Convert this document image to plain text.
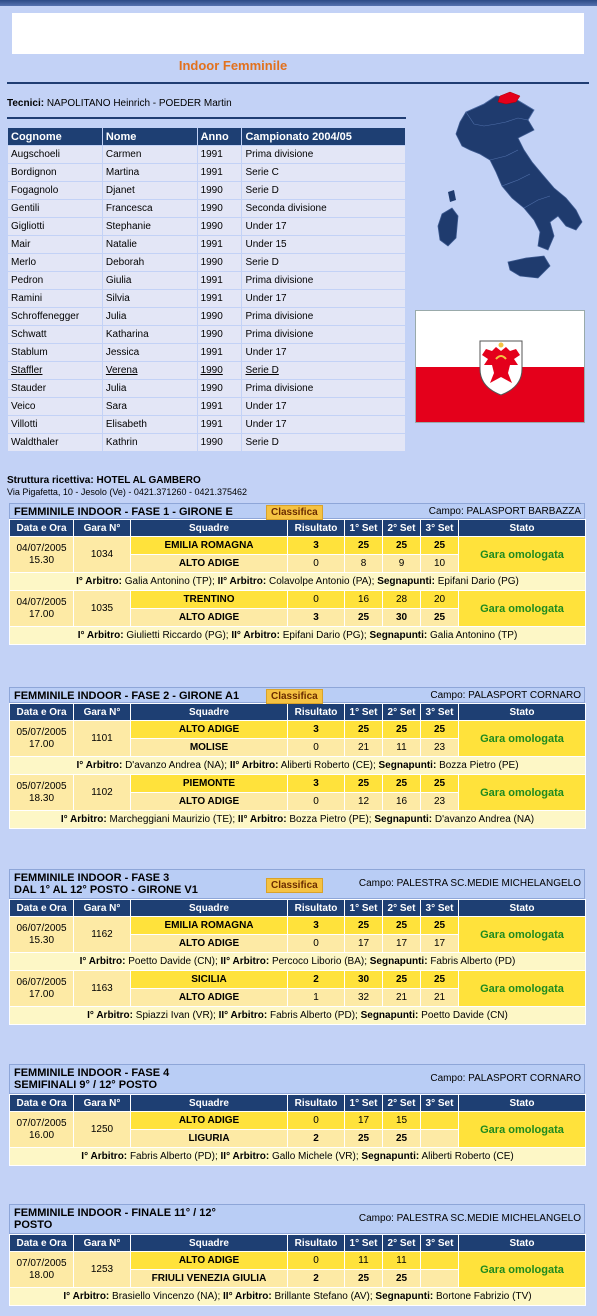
Indoor Femminile
Tecnici: NAPOLITANO Heinrich - POEDER Martin
Cognome	Nome	Anno	Campionato 2004/05
Augschoeli	Carmen	1991	Prima divisione
Bordignon	Martina	1991	Serie C
Fogagnolo	Djanet	1990	Serie D
Gentili	Francesca	1990	Seconda divisione
Gigliotti	Stephanie	1990	Under 17
Mair	Natalie	1991	Under 15
Merlo	Deborah	1990	Serie D
Pedron	Giulia	1991	Prima divisione
Ramini	Silvia	1991	Under 17
Schroffenegger	Julia	1990	Prima divisione
Schwatt	Katharina	1990	Prima divisione
Stablum	Jessica	1991	Under 17
Staffler	Verena	1990	Serie D
Stauder	Julia	1990	Prima divisione
Veico	Sara	1991	Under 17
Villotti	Elisabeth	1991	Under 17
Waldthaler	Kathrin	1990	Serie D
Struttura ricettiva: HOTEL AL GAMBERO
Via Pigafetta, 10 - Jesolo (Ve) - 0421.371260 - 0421.375462
FEMMINILE INDOOR - FASE 1 - GIRONE E	Classifica	Campo: PALASPORT BARBAZZA
Data e Ora	Gara N°	Squadre	Risultato	1° Set	2° Set	3° Set	Stato
04/07/2005
15.30	1034	EMILIA ROMAGNA	3	25	25	25	Gara omologata
		ALTO ADIGE	0	8	9	10	
I° Arbitro: Galia Antonino (TP); II° Arbitro: Colavolpe Antonio (PA); Segnapunti: Epifani Dario (PG)							
04/07/2005
17.00	1035	TRENTINO	0	16	28	20	Gara omologata
		ALTO ADIGE	3	25	30	25	
I° Arbitro: Giulietti Riccardo (PG); II° Arbitro: Epifani Dario (PG); Segnapunti: Galia Antonino (TP)							
FEMMINILE INDOOR - FASE 2 - GIRONE A1	Classifica	Campo: PALASPORT CORNARO
Data e Ora	Gara N°	Squadre	Risultato	1° Set	2° Set	3° Set	Stato
05/07/2005
17.00	1101	ALTO ADIGE	3	25	25	25	Gara omologata
		MOLISE	0	21	11	23	
I° Arbitro: D'avanzo Andrea (NA); II° Arbitro: Aliberti Roberto (CE); Segnapunti: Bozza Pietro (PE)							
05/07/2005
18.30	1102	PIEMONTE	3	25	25	25	Gara omologata
		ALTO ADIGE	0	12	16	23	
I° Arbitro: Marcheggiani Maurizio (TE); II° Arbitro: Bozza Pietro (PE); Segnapunti: D'avanzo Andrea (NA)							
FEMMINILE INDOOR - FASE 3
DAL 1° AL 12° POSTO - GIRONE V1	Classifica	Campo: PALESTRA SC.MEDIE MICHELANGELO
Data e Ora	Gara N°	Squadre	Risultato	1° Set	2° Set	3° Set	Stato
06/07/2005
15.30	1162	EMILIA ROMAGNA	3	25	25	25	Gara omologata
		ALTO ADIGE	0	17	17	17	
I° Arbitro: Poetto Davide (CN); II° Arbitro: Percoco Liborio (BA); Segnapunti: Fabris Alberto (PD)							
06/07/2005
17.00	1163	SICILIA	2	30	25	25	Gara omologata
		ALTO ADIGE	1	32	21	21	
I° Arbitro: Spiazzi Ivan (VR); II° Arbitro: Fabris Alberto (PD); Segnapunti: Poetto Davide (CN)							
FEMMINILE INDOOR - FASE 4
SEMIFINALI 9° / 12° POSTO
Campo: PALASPORT CORNARO
Data e Ora	Gara N°	Squadre	Risultato	1° Set	2° Set	3° Set	Stato
07/07/2005
16.00	1250	ALTO ADIGE	0	17	15		Gara omologata
		LIGURIA	2	25	25		
I° Arbitro: Fabris Alberto (PD); II° Arbitro: Gallo Michele (VR); Segnapunti: Aliberti Roberto (CE)							
FEMMINILE INDOOR - FINALE 11° / 12°
POSTO
Campo: PALESTRA SC.MEDIE MICHELANGELO
Data e Ora	Gara N°	Squadre	Risultato	1° Set	2° Set	3° Set	Stato
07/07/2005
18.00	1253	ALTO ADIGE	0	11	11		Gara omologata
		FRIULI VENEZIA GIULIA	2	25	25		
I° Arbitro: Brasiello Vincenzo (NA); II° Arbitro: Brillante Stefano (AV); Segnapunti: Bortone Fabrizio (TV)							
